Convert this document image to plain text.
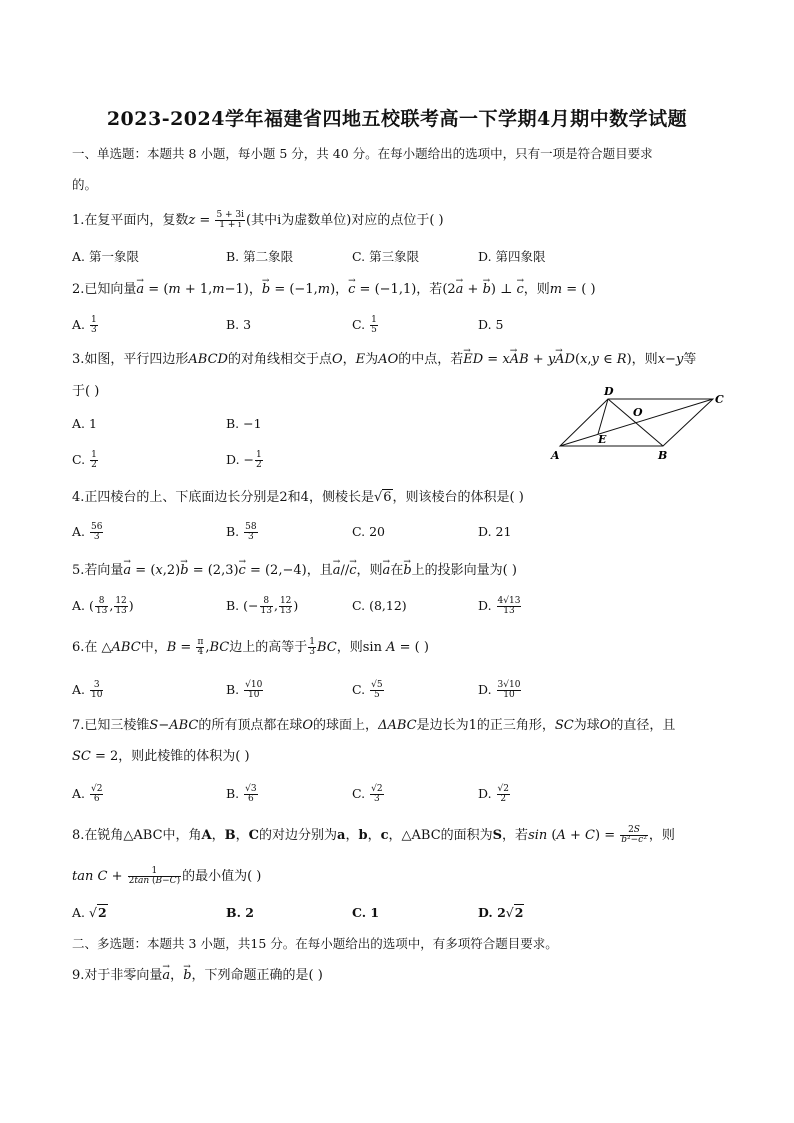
2023-2024学年福建省四地五校联考高一下学期4月期中数学试题
一、单选题：本题共 8 小题，每小题 5 分，共 40 分。在每小题给出的选项中，只有一项是符合题目要求
的。
1.在复平面内，复数$z = \frac{5 + 3i}{1 + i}$ (其中i为虚数单位)对应的点位于( )
A. 第一象限	B. 第二象限	C. 第三象限	D. 第四象限
2.已知向量→ a = (m + 1,m−1)，→ b = (−1,m)，→ c = (−1,1)，若(2→ a + → b) ⊥ → c，则m = ( )
A. $\frac{1}{3}$	B. 3	C. $\frac{1}{5}$	D. 5
3.如图，平行四边形ABCD的对角线相交于点O，E为AO的中点，若→ ED = x→ AB + y→ AD(x,y ∈ R)，则x−y等
于( )
A. 1	B. −1
C. $\frac{1}{2}$	D. − $\frac{1}{2}$
D
O
C
E
A	B
4.正四棱台的上、下底面边长分别是2和4，侧棱长是√6，则该棱台的体积是( )
A. $\frac{56}{3}$	B. $\frac{58}{3}$	C. 20	D. 21
5.若向量→ a = (x,2)→ b = (2,3)→ c = (2,−4)，且→ a//→ c，则→ a在→ b上的投影向量为( )
A. ( $\frac{8}{13}$ , $\frac{12}{13}$ )	B. (− $\frac{8}{13}$ , $\frac{12}{13}$ )	C. (8,12)	D. $\frac{4√13}{13}$
6.在 △ABC中，$B = \frac{\pi}{4} ,BC$边上的高等于 $\frac{1}{3}$ BC，则sin A = ( )
A. $\frac{3}{10}$	B. $\frac{√10}{10}$	C. $\frac{√5}{5}$	D. $\frac{3√10}{10}$
7.已知三棱锥S−ABC的所有顶点都在球O的球面上，ΔABC是边长为1的正三角形，SC为球O的直径，且
SC = 2，则此棱锥的体积为( )
A. $\frac{√2}{6}$	B. $\frac{√3}{6}$	C. $\frac{√2}{3}$	D. $\frac{√2}{2}$
8.在锐角△ABC中，角A，B，C的对边分别为a，b，c，△ABC的面积为S，若$\sin (A + C) = \frac{2S}{\text{b²−c²}}$ ，则
$\tan C + \frac{1}{2\tan (B-C)}$ 的最小值为( )
A. √2	B. 2	C. 1	D. 2√2
二、多选题：本题共 3 小题，共15 分。在每小题给出的选项中，有多项符合题目要求。
9.对于非零向量→ a，→ b，下列命题正确的是( )
